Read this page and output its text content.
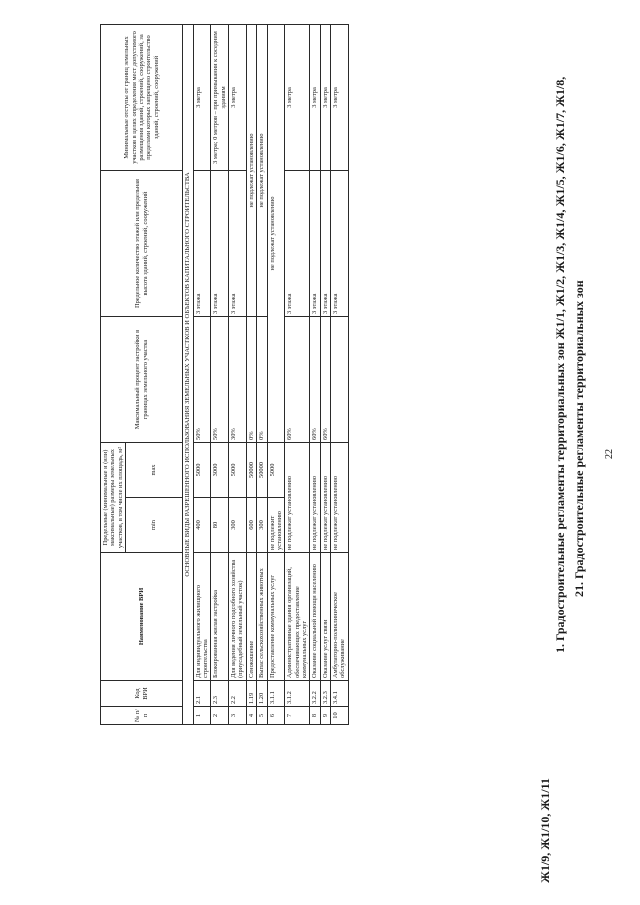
22
21. Градостроительные регламенты территориальных зон
1. Градостроительные регламенты территориальных зон Ж1/1, Ж1/2, Ж1/3, Ж1/4, Ж1/5, Ж1/6, Ж1/7, Ж1/8,
Ж1/9, Ж1/10, Ж1/11
№ п/п	Код ВРИ	Наименование ВРИ	Предельные (минимальные и (или) максимальные) размеры земельных участков, в том числе их площадь, м²		Максимальный процент застройки в границах земельного участка	Предельное количество этажей или предельная высота зданий, строений, сооружений	Минимальные отступы от границ земельных участков в целях определения мест допустимого размещения зданий, строений, сооружений, за пределами которых запрещено строительство зданий, строений, сооружений
			min	max			
ОСНОВНЫЕ ВИДЫ РАЗРЕШЕННОГО ИСПОЛЬЗОВАНИЯ ЗЕМЕЛЬНЫХ УЧАСТКОВ И ОБЪЕКТОВ КАПИТАЛЬНОГО СТРОИТЕЛЬСТВА							
1	2.1	Для индивидуального жилищного строительства	400	5000	50%	3 этажа	3 метра
2	2.3	Блокированная жилая застройка	80	3000	50%	3 этажа	3 метра; 0 метров – при примыкании к соседним зданиям
3	2.2	Для ведения личного подсобного хозяйства (приусадебный земельный участок)	300	5000	30%	3 этажа	3 метра
4	1.19	Сенокошение	600	50000	0%	не подлежат установлению	
5	1.20	Выпас сельскохозяйственных животных	300	50000	0%	не подлежат установлению	
6	3.1.1	Предоставление коммунальных услуг	не подлежит установлению	5000	не подлежат установлению		
7	3.1.2	Административные здания организаций, обеспечивающих предоставление коммунальных услуг	не подлежат установлению		60%	3 этажа	3 метра
8	3.2.2	Оказание социальной помощи населению	не подлежат установлению		60%	3 этажа	3 метра
9	3.2.3	Оказание услуг связи	не подлежат установлению		60%	3 этажа	3 метра
10	3.4.1	Амбулаторно-поликлиническое обслуживание	не подлежат установлению			3 этажа	3 метра
